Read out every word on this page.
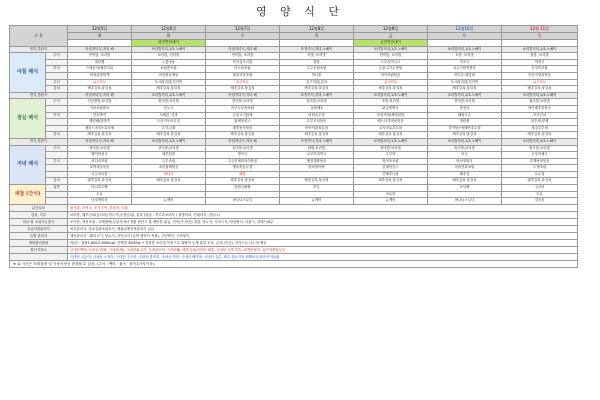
영 양 식 단
구 분		12월5일	12월6일	12월7일	12월8일	12월9일	12월10일	12월 11일
		월	화	수	목	금	토	일
			화전반찬데이			금전반찬데이		
면식,경관식		아침저녁식,저녁 해	보리밥저녁,1/3.노해이	아침저녁식,저녁 해	조정죽식,저녁.노해이	보리밥저녁,1/3.노해이	보리밥저녁,1/3.노해이	보리밥저녁,1/3.노해이
아침 배식	주식	현미밥, 보리밥	보리밥, 현미밥	현미밥, 보리밥	조밥, 보리밥	현미밥, 보리밥	조밥, 보리밥	잡밥, 보리밥
		계란찜	누룽숭늉	북어살조국밥	참람	도모자적국고	아욱국	미역국
	부식	으깨감자/배추김치	조림콩조림	미트볼조림	두부조림조림	돈불고기무생채	쇠고기미역볶음	가자미조림
		버섯된장찌개	버섯볶음채동	메추리알조림	하나물	어묵조림볶음	연두부.양념장	묵은지멸치볶음
	우식	요구르트	도시락김/통김자반	요구르트	김구이/통김치	요구르트	도시락김/통김자반	요구르트
	김치	배추김치.물김치	배추김치.물김치	배추김치.물김치	배추김치.물김치	배추김치.물김치	배추김치.물김치	배추김치.물김치
면식,경관식		아침저녁식,저녁 해	보리밥저녁,1/3.노해이	아침저녁식,저녁 해	조정죽식,저녁.노해이	보리밥저녁,1/3.노해이	보리밥저녁,1/3.노해이	보리밥저녁,1/3.노해이
점심 배식	주식	전일쌀밥,보리밥	잡곡밥,보리밥	현미밥,보리밥	흑미밥,보리밥	조밥,보리밥	현미밥,보리밥	잡곡밥,보리밥
		거포조림꽁보	순두국	아구두부장조림	동원제3	닭갈비떡국	찰전리	냉이배추된장국
	부식	단호박전	시래된, 김밥	돈불고기잡채	어떤초무침	꽁치조림/제계절밥	해물국수	포기김치
		햇양배/한방족	도라지오이무침	잡채볶음스	두부꼬치볶음	배느티리버섯볶음	계란찜	삼추제,양제
		샐러드조미+흑자채	고기,나물	매콤동자볶음	아삭이된장무침	오자마요추무첨	감자볶+양배야추무첨	새주부부채
	김치	배추김치.물김치	배추김치.물김치	배추김치.물김치	배추김치.물김치	배추김치.물김치	배추김치.물김치	배추김치.물김치
면식,경관식		아침저녁식,저녁 해	보리밥저녁,1/3.노해이	아침저녁식,저녁 해	조정죽식,저녁.노해이	보리밥저녁,1/3.노해이	보리밥저녁,1/3.노해이	보리밥저녁,1/3.노해이
저녁 배식	주식	현미밥,보리밥	현미밥,보리밥	흑미밥,보리밥	잡밥,보리밥	현미밥,보리밥	흑미밥,보리밥	잡곡밥,보리밥
		팽이버섯국	배추된장	냉이국	쇠고기미역국	두부탕	마국	우엉자채국
	부식	코다리조림	두부조림	주주어매더리어볶음	햇잠게장볶음	장여포조림	버섯장화국	감개버섯볶음
		호박새우볶음	조미잡채볶음	맹치볶음무침	양파장아찌	김채볶음스	마파종화조림	두정조림
		시금치나물	바나나	해물		단배추나물	배추겉	로무침
	김치	배추김치.물김치	배추김치.물김치	배추김치.물김치	배추김치.물김치	배추김치.물김치	배추김치.물김치	배추김치.물김치
새참 (간식)	일반	미니호도빵		삼립크림빵	모도		모닝빵	고구마
		두유				마요된		두유
		단호박미음	뉴케어	바나나스무디	뉴케어	뉴케어	바나나스무디	갓미음
분산일보		잡곡밥, 미역국, 조기구이, 추자찬, 나물						
김치, 식수		보리밥, 배추김치(숲더리),깍두기(궁정김치), 통불 (물숲 : 북수수보리차 / 결명자차, 건데라차, 건돈나)						
의료 및 소화기능별식		조가찬, 생선조림 : 외계방배.일상식에서 전환 탄단고 옵 배반문 흘입, 연속(죽,미음).경관, 당뇨식, 저자극식 /진달량식, 더잡식, 알레식예분						
응급식품관리식		외부관리식, 음쇼류관조관료식, 제관일재천적관리식 일급						
특별 관리식		제독관리식 : 캘리고기, 당뇨식, 저단교식 (일반 생성식 적용), 고단백식, 구조당식						
영양관리담당		어/밑 - 열량1,600/2,000kcal, 단백질 45/65g → 적절한 조리법 이용으로 열량이 높게 잘된 조치, 급식 (죽식), 간식으로 나누어 제공						
원산지표시		국내산백미(국산/유지)팀, 국내산(팀), 국내산닭고기, 국내산오리, 국내산돼, 배추김치(국내산 배추, 국내산 고추가루), 표백산양미, 유전자변형두부						
		국내산 고등어, 국내산 오징어, 국내산 고구마, 국내산 맛조미, 국내산 반찬, 국내산 배추참, 국내산 유부, 헤주 쥐소기의 원재료국내산 아이들림						
※ 위 식단은 후원물품 및 식당사정상 변경될 수 있음. (주식 : 백미 · 잡곡 · 잡곡1가지이상).								
